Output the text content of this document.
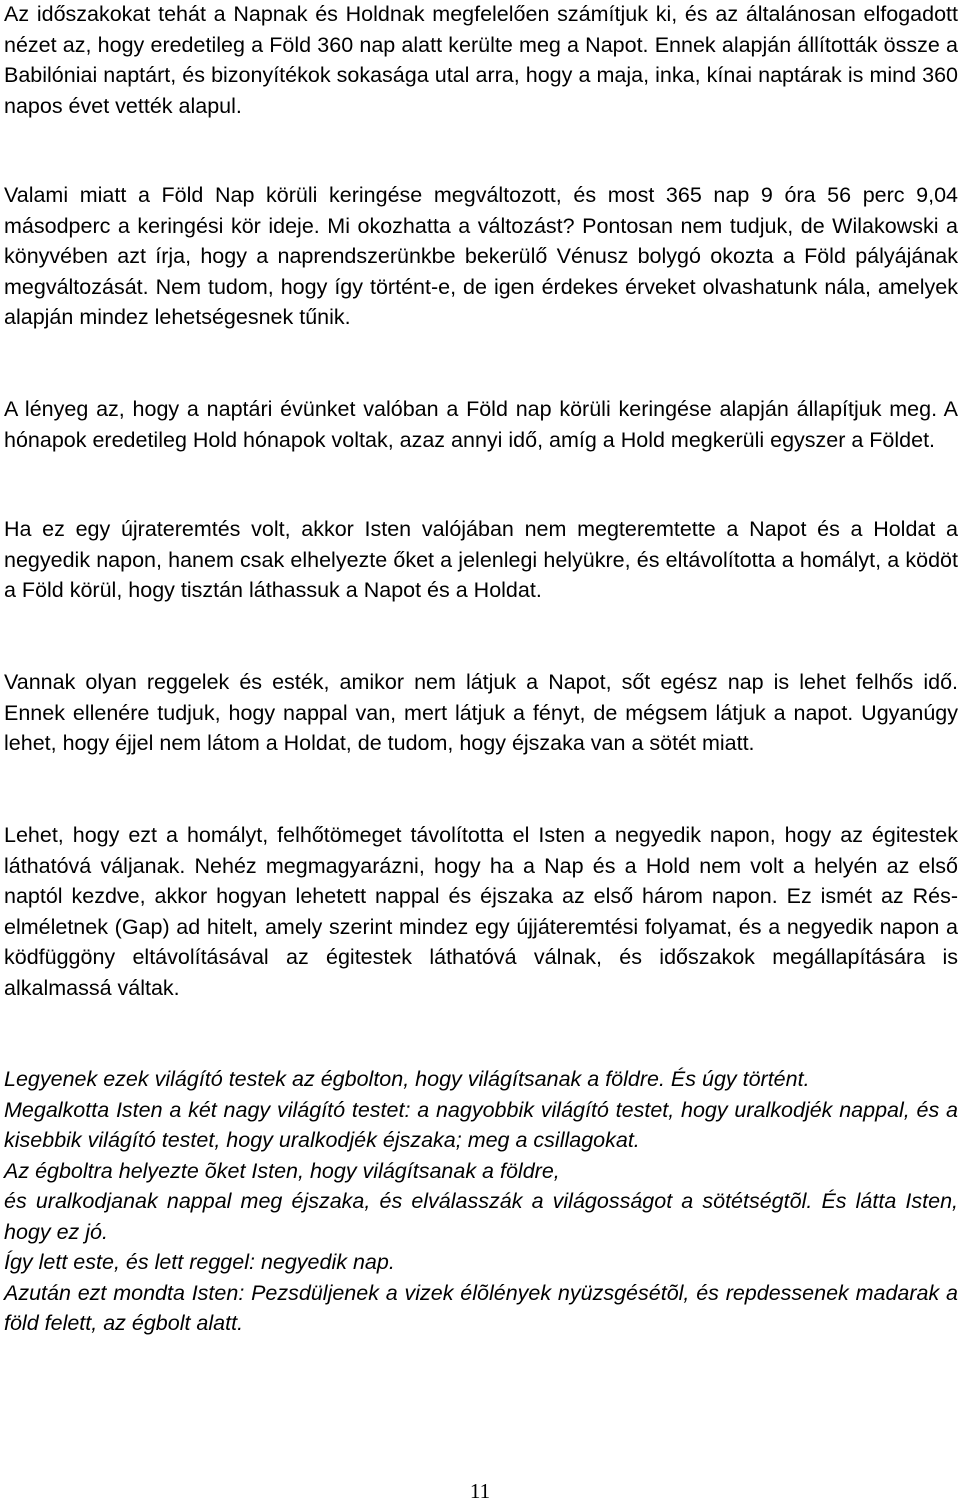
Az időszakokat tehát a Napnak és Holdnak megfelelően számítjuk ki, és az általánosan elfogadott nézet az, hogy eredetileg a Föld 360 nap alatt kerülte meg a Napot. Ennek alapján állították össze a Babilóniai naptárt, és bizonyítékok sokasága utal arra, hogy a maja, inka, kínai naptárak is mind 360 napos évet vették alapul.

Valami miatt a Föld Nap körüli keringése megváltozott, és most 365 nap 9 óra 56 perc 9,04 másodperc a keringési kör ideje. Mi okozhatta a változást? Pontosan nem tudjuk, de Wilakowski a könyvében azt írja, hogy a naprendszerünkbe bekerülő Vénusz bolygó okozta a Föld pályájának megváltozását. Nem tudom, hogy így történt-e, de igen érdekes érveket olvashatunk nála, amelyek alapján mindez lehetségesnek tűnik.

A lényeg az, hogy a naptári évünket valóban a Föld nap körüli keringése alapján állapítjuk meg. A hónapok eredetileg Hold hónapok voltak, azaz annyi idő, amíg a Hold megkerüli egyszer a Földet.

Ha ez egy újrateremtés volt, akkor Isten valójában nem megteremtette a Napot és a Holdat a negyedik napon, hanem csak elhelyezte őket a jelenlegi helyükre, és eltávolította a homályt, a ködöt a Föld körül, hogy tisztán láthassuk a Napot és a Holdat.

Vannak olyan reggelek és esték, amikor nem látjuk a Napot, sőt egész nap is lehet felhős idő. Ennek ellenére tudjuk, hogy nappal van, mert látjuk a fényt, de mégsem látjuk a napot. Ugyanúgy lehet, hogy éjjel nem látom a Holdat, de tudom, hogy éjszaka van a sötét miatt.

Lehet, hogy ezt a homályt, felhőtömeget távolította el Isten a negyedik napon, hogy az égitestek láthatóvá váljanak. Nehéz megmagyarázni, hogy ha a Nap és a Hold nem volt a helyén az első naptól kezdve, akkor hogyan lehetett nappal és éjszaka az első három napon. Ez ismét az Rés-elméletnek (Gap) ad hitelt, amely szerint mindez egy újjáteremtési folyamat, és a negyedik napon a ködfüggöny eltávolításával az égitestek láthatóvá válnak, és időszakok megállapítására is alkalmassá váltak.

Legyenek ezek világító testek az égbolton, hogy világítsanak a földre. És úgy történt.

Megalkotta Isten a két nagy világító testet: a nagyobbik világító testet, hogy uralkodjék nappal, és a kisebbik világító testet, hogy uralkodjék éjszaka; meg a csillagokat.

Az égboltra helyezte õket Isten, hogy világítsanak a földre,

és uralkodjanak nappal meg éjszaka, és elválasszák a világosságot a sötétségtõl. És látta Isten, hogy ez jó.

Így lett este, és lett reggel: negyedik nap.

Azután ezt mondta Isten: Pezsdüljenek a vizek élõlények nyüzsgésétõl, és repdessenek madarak a föld felett, az égbolt alatt.

11
